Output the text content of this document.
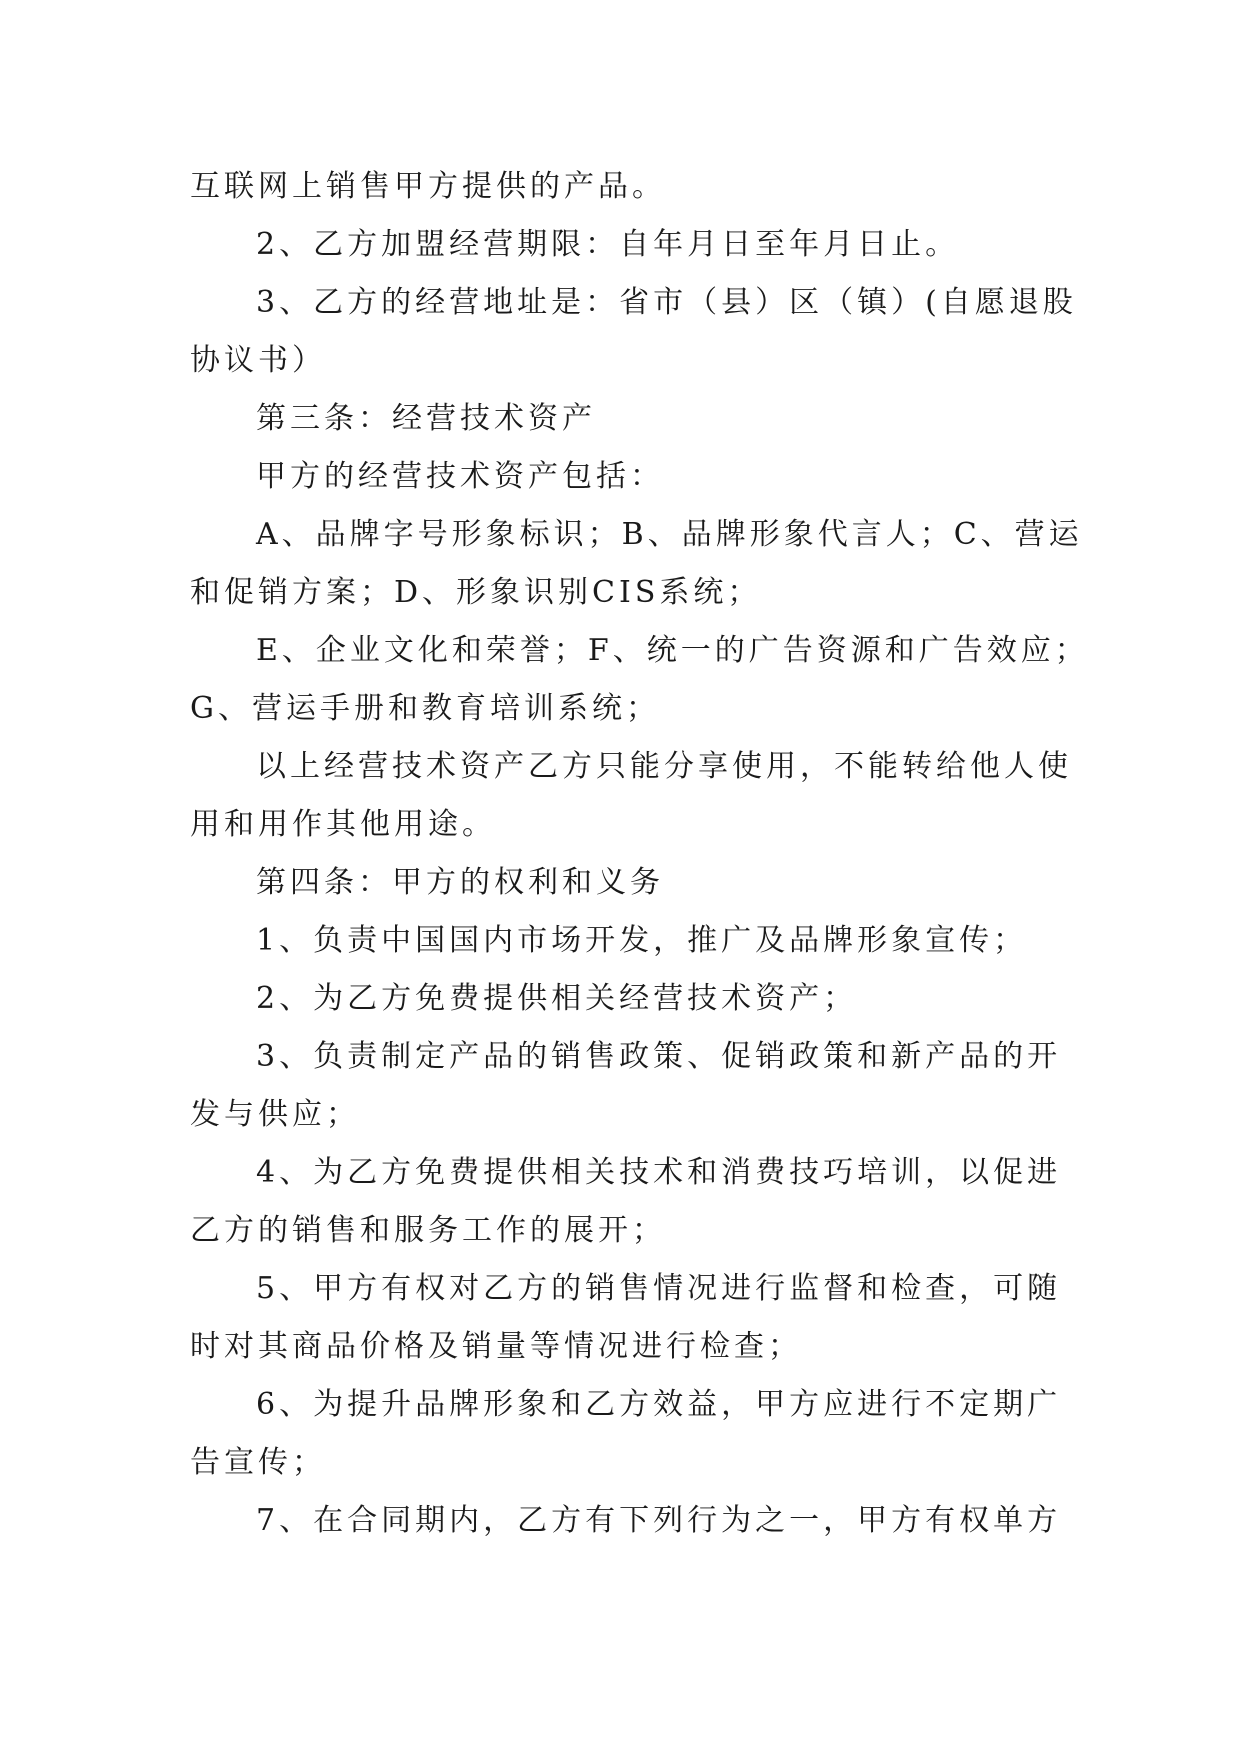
互联网上销售甲方提供的产品。

2、乙方加盟经营期限：自年月日至年月日止。

3、乙方的经营地址是：省市（县）区（镇）(自愿退股

协议书）

第三条：经营技术资产

甲方的经营技术资产包括：

A、品牌字号形象标识；B、品牌形象代言人；C、营运

和促销方案；D、形象识别CIS系统；

E、企业文化和荣誉；F、统一的广告资源和广告效应；

G、营运手册和教育培训系统；

以上经营技术资产乙方只能分享使用，不能转给他人使

用和用作其他用途。

第四条：甲方的权利和义务

1、负责中国国内市场开发，推广及品牌形象宣传；

2、为乙方免费提供相关经营技术资产；

3、负责制定产品的销售政策、促销政策和新产品的开

发与供应；

4、为乙方免费提供相关技术和消费技巧培训，以促进

乙方的销售和服务工作的展开；

5、甲方有权对乙方的销售情况进行监督和检查，可随

时对其商品价格及销量等情况进行检查；

6、为提升品牌形象和乙方效益，甲方应进行不定期广

告宣传；

7、在合同期内，乙方有下列行为之一，甲方有权单方
